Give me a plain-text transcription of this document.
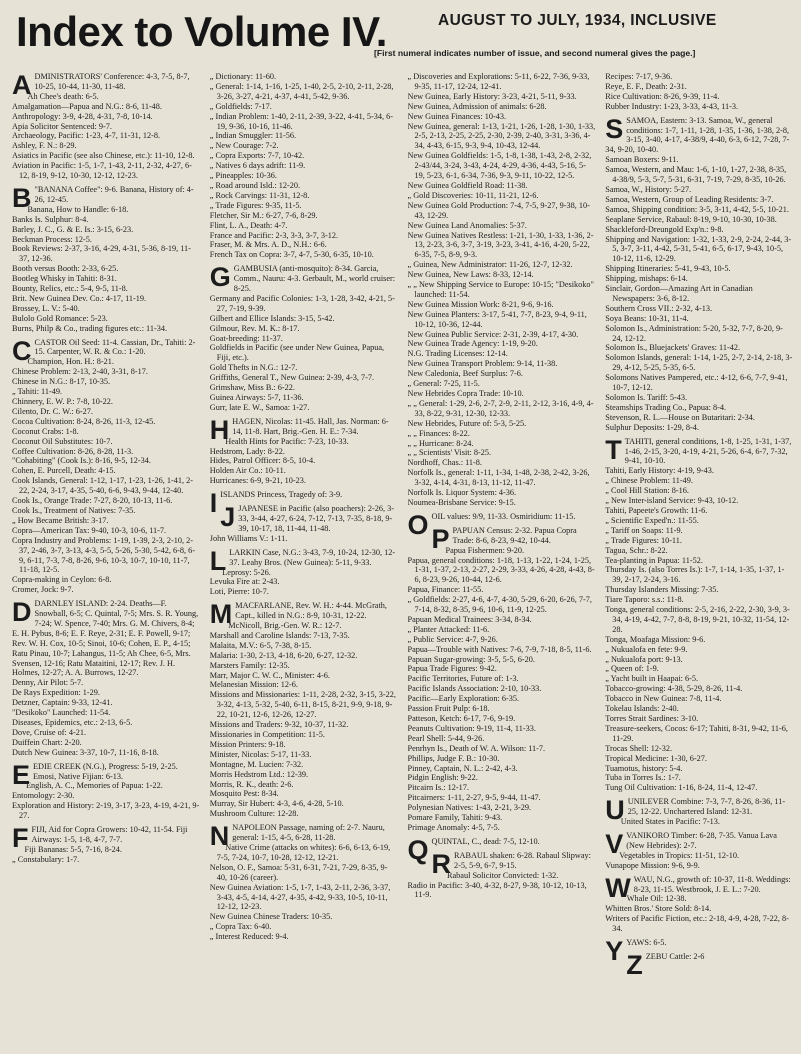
Index to Volume IV.	AUGUST TO JULY, 1934, INCLUSIVE
[First numeral indicates number of issue, and second numeral gives the page.]
ADMINISTRATORS' Conference: 4-3, 7-5, 8-7, 10-25, 10-44, 11-30, 11-48.
Ah Chee's death: 6-5.
Amalgamation—Papua and N.G.: 8-6, 11-48.
Anthropology: 3-9, 4-28, 4-31, 7-8, 10-14.
Apia Solicitor Sentenced: 9-7.
Archaeology, Pacific: 1-23, 4-7, 11-31, 12-8.
Ashley, F. N.: 8-29.
Asiatics in Pacific (see also Chinese, etc.): 11-10, 12-8.
Aviation in Pacific: 1-5, 1-7, 1-43, 2-11, 2-32, 4-27, 6-12, 8-19, 9-12, 10-30, 12-12, 12-23.
B "BANANA Coffee": 9-6. Banana, History of: 4-26, 12-45.
Banana, How to Handle: 6-18.
Banks Is. Sulphur: 8-4.
Barley, J. C., G. & E. Is.: 3-15, 6-23.
Beckman Process: 12-5.
Book Reviews: 2-37, 3-16, 4-29, 4-31, 5-36, 8-19, 11-37, 12-36.
Booth versus Booth: 2-33, 6-25.
Bootleg Whisky in Tahiti: 8-31.
Bounty, Relics, etc.: 5-4, 9-5, 11-8.
Brit. New Guinea Dev. Co.: 4-17, 11-19.
Brossey, L. V.: 5-40.
Bulolo Gold Romance: 5-23.
Burns, Philp & Co., trading figures etc.: 11-34.
CCASTOR Oil Seed: 11-4. Cassian, Dr., Tahiti: 2-15. Carpenter, W. R. & Co.: 1-20.
Champion, Hon. H.: 8-21.
Chinese Problem: 2-13, 2-40, 3-31, 8-17.
Chinese in N.G.: 8-17, 10-35.
„ Tahiti: 11-49.
Chinnery, E. W. P.: 7-8, 10-22.
Cilento, Dr. C. W.: 6-27.
Cocoa Cultivation: 8-24, 8-26, 11-3, 12-45.
Coconut Crabs: 1-8.
Coconut Oil Substitutes: 10-7.
Coffee Cultivation: 8-26, 8-28, 11-3.
"Cohabiting" (Cook Is.): 8-16, 9-5, 12-34.
Cohen, E. Purcell, Death: 4-15.
Cook Islands, General: 1-12, 1-17, 1-23, 1-26, 1-41, 2-22, 2-24, 3-17, 4-35, 5-40, 6-6, 9-43, 9-44, 12-40.
Cook Is., Orange Trade: 7-27, 8-20, 10-13, 11-6.
Cook Is., Treatment of Natives: 7-35.
„ How Became British: 3-17.
Copra—American Tax: 9-40, 10-3, 10-6, 11-7.
Copra Industry and Problems: 1-19, 1-39, 2-3, 2-10, 2-37, 2-46, 3-7, 3-13, 4-3, 5-5, 5-26, 5-30, 5-42, 6-8, 6-9, 6-11, 7-3, 7-8, 8-26, 9-6, 10-3, 10-7, 10-10, 11-7, 11-18, 12-5.
Copra-making in Ceylon: 6-8.
Cromer, Jock: 9-7.
DDARNLEY ISLAND: 2-24. Deaths—F. Snowball, 6-5; C. Quintal, 7-5; Mrs. S. R. Young, 7-24; W. Spence, 7-40; Mrs. G. M. Chivers, 8-4; E. H. Pybus, 8-6; E. F. Reye, 2-31; E. F. Powell, 9-17; Rev. W. H. Cox, 10-5; Sinoi, 10-6; Cohen, E. P., 4-15; Ratu Pinau, 10-7; Lahangus, 11-5; Ah Chee, 6-5, Mrs. Svensen, 12-16; Ratu Mataitini, 12-17; Rev. J. H. Holmes, 12-27; A. A. Burrows, 12-27.
Denny, Air Pilot: 5-7.
De Rays Expedition: 1-29.
Detzner, Captain: 9-33, 12-41.
"Desikoko" Launched: 11-54.
Diseases, Epidemics, etc.: 2-13, 6-5.
Dove, Cruise of: 4-21.
Duiffein Chart: 2-20.
Dutch New Guinea: 3-37, 10-7, 11-16, 8-18.
EEDIE CREEK (N.G.), Progress: 5-19, 2-25. Emosi, Native Fijian: 6-13.
English, A. C., Memories of Papua: 1-22.
Entomology: 2-30.
Exploration and History: 2-19, 3-17, 3-23, 4-19, 4-21, 9-27.
FFIJI, Aid for Copra Growers: 10-42, 11-54. Fiji Airways: 1-5, 1-8, 4-7, 7-7.
Fiji Bananas: 5-5, 7-16, 8-24.
„ Constabulary: 1-7.
„ Dictionary: 11-60.
„ General: 1-14, 1-16, 1-25, 1-40, 2-5, 2-10, 2-11, 2-28, 3-26, 3-27, 4-21, 4-37, 4-41, 5-42, 9-36.
„ Goldfields: 7-17.
„ Indian Problem: 1-40, 2-11, 2-39, 3-22, 4-41, 5-34, 6-19, 9-36, 10-16, 11-46.
„ Indian Smuggler: 11-56.
„ New Courage: 7-2.
„ Copra Exports: 7-7, 10-42.
„ Natives 6 days adrift: 11-9.
„ Pineapples: 10-36.
„ Road around Isld.: 12-20.
„ Rock Carvings: 11-31, 12-8.
„ Trade Figures: 9-35, 11-5.
Fletcher, Sir M.: 6-27, 7-6, 8-29.
Flint, L. A., Death: 4-7.
France and Pacific: 2-3, 3-3, 3-7, 3-12.
Fraser, M. & Mrs. A. D., N.H.: 6-6.
French Tax on Copra: 3-7, 4-7, 5-30, 6-35, 10-10.
GGAMBUSIA (anti-mosquito): 8-34. Garcia, Comm., Nauru: 4-3. Gerbault, M., world cruiser: 8-25.
Germany and Pacific Colonies: 1-3, 1-28, 3-42, 4-21, 5-27, 7-19, 9-39.
Gilbert and Ellice Islands: 3-15, 5-42.
Gilmour, Rev. M. K.: 8-17.
Goat-breeding: 11-37.
Goldfields in Pacific (see under New Guinea, Papua, Fiji, etc.).
Gold Thefts in N.G.: 12-7.
Griffiths, General T., New Guinea: 2-39, 4-3, 7-7.
Grimshaw, Miss B.: 6-22.
Guinea Airways: 5-7, 11-36.
Gurr, late E. W., Samoa: 1-27.
HHAGEN, Nicolas: 11-45. Hall, Jas. Norman: 6-14, 11-8. Hart, Brig.-Gen. H. E.: 7-34.
Health Hints for Pacific: 7-23, 10-33.
Hedstrom, Lady: 8-22.
Hides, Patrol Officer: 8-5, 10-4.
Holden Air Co.: 10-11.
Hurricanes: 6-9, 9-21, 10-23.
IISLANDS Princess, Tragedy of: 3-9.
JJAPANESE in Pacific (also poachers): 2-26, 3-33, 3-44, 4-27, 6-24, 7-12, 7-13, 7-35, 8-18, 9-39, 10-17, 18, 11-44, 11-48.
John Williams V.: 1-11.
LLARKIN Case, N.G.: 3-43, 7-9, 10-24, 12-30, 12-37. Leahy Bros. (New Guinea): 5-11, 9-33.
Leprosy: 5-26.
Levuka Fire at: 2-43.
Loti, Pierre: 10-7.
MMACFARLANE, Rev. W. H.: 4-44. McGrath, Capt., killed in N.G.: 8-9, 10-31, 12-22.
McNicoll, Brig.-Gen. W. R.: 12-7.
Marshall and Caroline Islands: 7-13, 7-35.
Malaita, M.V.: 6-5, 7-38, 8-15.
Malaria: 1-30, 2-13, 4-18, 6-20, 6-27, 12-32.
Marsters Family: 12-35.
Marr, Major C. W. C., Minister: 4-6.
Melanesian Mission: 12-6.
Missions and Missionaries: 1-11, 2-28, 2-32, 3-15, 3-22, 3-32, 4-13, 5-32, 5-40, 6-11, 8-15, 8-21, 9-9, 9-18, 9-22, 10-21, 12-6, 12-26, 12-27.
Missions and Traders: 9-32, 10-37, 11-32.
Missionaries in Competition: 11-5.
Mission Printers: 9-18.
Minister, Nicolas: 5-17, 11-33.
Montagne, M. Lucien: 7-32.
Morris Hedstrom Ltd.: 12-39.
Morris, R. K., death: 2-6.
Mosquito Pest: 8-34.
Murray, Sir Hubert: 4-3, 4-6, 4-28, 5-10.
Mushroom Culture: 12-28.
NNAPOLEON Passage, naming of: 2-7. Nauru, general: 1-15, 4-5, 6-28, 11-28.
Native Crime (attacks on whites): 6-6, 6-13, 6-19, 7-5, 7-24, 10-7, 10-28, 12-12, 12-21.
Nelson, O. F., Samoa: 5-31, 6-31, 7-21, 7-29, 8-35, 9-40, 10-26 (career).
New Guinea Aviation: 1-5, 1-7, 1-43, 2-11, 2-36, 3-37, 3-43, 4-5, 4-14, 4-27, 4-35, 4-42, 9-33, 10-5, 10-11, 12-12, 12-23.
New Guinea Chinese Traders: 10-35.
„ Copra Tax: 6-40.
„ Interest Reduced: 9-4.
„ Discoveries and Explorations: 5-11, 6-22, 7-36, 9-33, 9-35, 11-17, 12-24, 12-41.
New Guinea, Early History: 3-23, 4-21, 5-11, 9-33.
New Guinea, Admission of animals: 6-28.
New Guinea Finances: 10-43.
New Guinea, general: 1-13, 1-21, 1-26, 1-28, 1-30, 1-33, 2-5, 2-13, 2-25, 2-25, 2-30, 2-39, 2-40, 3-31, 3-36, 4-34, 4-43, 6-15, 9-3, 9-4, 10-43, 12-44.
New Guinea Goldfields: 1-5, 1-8, 1-38, 1-43, 2-8, 2-32, 2-43/44, 3-24, 3-43, 4-24, 4-29, 4-36, 4-43, 5-16, 5-19, 5-23, 6-1, 6-34, 7-36, 9-3, 9-11, 10-22, 12-5.
New Guinea Goldfield Road: 11-38.
„ Gold Discoveries: 10-11, 11-21, 12-6.
New Guinea Gold Production: 7-4, 7-5, 9-27, 9-38, 10-43, 12-29.
New Guinea Land Anomalies: 5-37.
New Guinea Natives Restless: 1-21, 1-30, 1-33, 1-36, 2-13, 2-23, 3-6, 3-7, 3-19, 3-23, 3-41, 4-16, 4-20, 5-22, 6-35, 7-5, 8-9, 9-3.
„ Guinea, New Administrator: 11-26, 12-7, 12-32.
New Guinea, New Laws: 8-33, 12-14.
„ „ New Shipping Service to Europe: 10-15; "Desikoko" launched: 11-54.
New Guinea Mission Work: 8-21, 9-6, 9-16.
New Guinea Planters: 3-17, 5-41, 7-7, 8-23, 9-4, 9-11, 10-12, 10-36, 12-44.
New Guinea Public Service: 2-31, 2-39, 4-17, 4-30.
New Guinea Trade Agency: 1-19, 9-20.
N.G. Trading Licenses: 12-14.
New Guinea Transport Problem: 9-14, 11-38.
New Caledonia, Beef Surplus: 7-6.
„ General: 7-25, 11-5.
New Hebrides Copra Trade: 10-10.
„ „ General: 1-29, 2-6, 2-7, 2-9, 2-11, 2-12, 3-16, 4-9, 4-33, 8-22, 9-31, 12-30, 12-33.
New Hebrides, Future of: 5-3, 5-25.
„ „ Finances: 8-22.
„ „ Hurricane: 8-24.
„ „ Scientists' Visit: 8-25.
Nordhoff, Chas.: 11-8.
Norfolk Is., general: 1-11, 1-34, 1-48, 2-38, 2-42, 3-26, 3-32, 4-14, 4-31, 8-13, 11-12, 11-47.
Norfolk Is. Liquor System: 4-36.
Noumea-Brisbane Service: 9-15.
OOIL values: 9/9, 11-33. Osmiridium: 11-15.
PPAPUAN Census: 2-32. Papua Copra Trade: 8-6, 8-23, 9-42, 10-44.
Papua Fishermen: 9-20.
Papua, general conditions: 1-18, 1-13, 1-22, 1-24, 1-25, 1-31, 1-37, 2-13, 2-27, 2-29, 3-33, 4-26, 4-28, 4-43, 8-6, 8-23, 9-26, 10-44, 12-6.
Papua, Finance: 11-55.
„ Goldfields: 2-27, 4-6, 4-7, 4-30, 5-29, 6-20, 6-26, 7-7, 7-14, 8-32, 8-35, 9-6, 10-6, 11-9, 12-25.
Papuan Medical Trainees: 3-34, 8-34.
„ Planter Attacked: 11-6.
„ Public Service: 4-7, 9-26.
Papua—Trouble with Natives: 7-6, 7-9, 7-18, 8-5, 11-6.
Papuan Sugar-growing: 3-5, 5-5, 6-20.
Papua Trade Figures: 9-42.
Pacific Territories, Future of: 1-3.
Pacific Islands Association: 2-10, 10-33.
Pacific—Early Exploration: 6-35.
Passion Fruit Pulp: 6-18.
Patteson, Ketch: 6-17, 7-6, 9-19.
Peanuts Cultivation: 9-19, 11-4, 11-33.
Pearl Shell: 5-44, 9-26.
Penrhyn Is., Death of W. A. Wilson: 11-7.
Phillips, Judge F. B.: 10-30.
Pinney, Captain, N. L.: 2-42, 4-3.
Pidgin English: 9-22.
Pitcairn Is.: 12-17.
Pitcairners: 1-11, 2-27, 9-5, 9-44, 11-47.
Polynesian Natives: 1-43, 2-21, 3-29.
Pomare Family, Tahiti: 9-43.
Primage Anomaly: 4-5, 7-5.
QQUINTAL, C., dead: 7-5, 12-10.
RRABAUL shaken: 6-28. Rabaul Slipway: 2-5, 5-9, 6-7, 9-15.
Rabaul Solicitor Convicted: 1-32.
Radio in Pacific: 3-40, 4-32, 8-27, 9-38, 10-12, 10-13, 11-9.
Recipes: 7-17, 9-36.
Reye, E. F., Death: 2-31.
Rice Cultivation: 8-26, 9-39, 11-4.
Rubber Industry: 1-23, 3-33, 4-43, 11-3.
SSAMOA, Eastern: 3-13. Samoa, W., general conditions: 1-7, 1-11, 1-28, 1-35, 1-36, 1-38, 2-8, 3-15, 3-40, 4-17, 4-38/9, 4-40, 6-3, 6-12, 7-28, 7-34, 9-20, 10-40.
Samoan Boxers: 9-11.
Samoa, Western, and Mau: 1-6, 1-10, 1-27, 2-38, 8-35, 4-38/9, 5-3, 5-7, 5-31, 6-31, 7-19, 7-29, 8-35, 10-26.
Samoa, W., History: 5-27.
Samoa, Western, Group of Leading Residents: 3-7.
Samoa, Shipping condition: 3-5, 3-11, 4-42, 5-5, 10-21.
Seaplane Service, Rabaul: 8-19, 9-10, 10-30, 10-38.
Shackleford-Dreungold Exp'n.: 9-8.
Shipping and Navigation: 1-32, 1-33, 2-9, 2-24, 2-44, 3-5, 3-7, 3-11, 4-42, 5-31, 5-41, 6-5, 6-17, 9-43, 10-5, 10-12, 11-6, 12-29.
Shipping Itineraries: 5-41, 9-43, 10-5.
Shipping, mishaps: 6-14.
Sinclair, Gordon—Amazing Art in Canadian Newspapers: 3-6, 8-12.
Southern Cross VII.: 2-32, 4-13.
Soya Beans: 10-31, 11-4.
Solomon Is., Administration: 5-20, 5-32, 7-7, 8-20, 9-24, 12-12.
Solomon Is., Bluejackets' Graves: 11-42.
Solomon Islands, general: 1-14, 1-25, 2-7, 2-14, 2-18, 3-29, 4-12, 5-25, 5-35, 6-5.
Solomons Natives Pampered, etc.: 4-12, 6-6, 7-7, 9-41, 10-7, 12-12.
Solomon Is. Tariff: 5-43.
Steamships Trading Co., Papua: 8-4.
Stevenson, R. L.—House on Butaritari: 2-34.
Sulphur Deposits: 1-29, 8-4.
TTAHITI, general conditions, 1-8, 1-25, 1-31, 1-37, 1-46, 2-15, 3-20, 4-19, 4-21, 5-26, 6-4, 6-7, 7-32, 9-41, 10-10.
Tahiti, Early History: 4-19, 9-43.
„ Chinese Problem: 11-49.
„ Cool Hill Station: 8-16.
„ New Inter-island Service: 9-43, 10-12.
Tahiti, Papeete's Growth: 11-6.
„ Scientific Exped'n.: 11-55.
„ Tariff on Soaps: 11-9.
„ Trade Figures: 10-11.
Tagua, Schr.: 8-22.
Tea-planting in Papua: 11-52.
Thursday Is. (also Torres Is.): 1-7, 1-14, 1-35, 1-37, 1-39, 2-17, 2-24, 3-16.
Thursday Islanders Missing: 7-35.
Tiare Taporo: s.s.: 11-8.
Tonga, general conditions: 2-5, 2-16, 2-22, 2-30, 3-9, 3-34, 4-19, 4-42, 7-7, 8-8, 8-19, 9-21, 10-32, 11-54, 12-28.
Tonga, Moafaga Mission: 9-6.
„ Nukualofa en fete: 9-9.
„ Nukualofa port: 9-13.
„ Queen of: 1-9.
„ Yacht built in Haapai: 6-5.
Tobacco-growing: 4-38, 5-29, 8-26, 11-4.
Tobacco in New Guinea: 7-8, 11-4.
Tokelau Islands: 2-40.
Torres Strait Sardines: 3-10.
Treasure-seekers, Cocos: 6-17; Tahiti, 8-31, 9-42, 11-6, 11-29.
Trocas Shell: 12-32.
Tropical Medicine: 1-30, 6-27.
Tuamotus, history: 5-4.
Tuba in Torres Is.: 1-7.
Tung Oil Cultivation: 1-16, 8-24, 11-4, 12-47.
UUNILEVER Combine: 7-3, 7-7, 8-26, 8-36, 11-25, 12-22. Unchartered Island: 12-31.
United States in Pacific: 7-13.
VVANIKORO Timber: 6-28, 7-35. Vanua Lava (New Hebrides): 2-7.
Vegetables in Tropics: 11-51, 12-10.
Vunapope Mission: 9-6, 9-9.
WWAU, N.G., growth of: 10-37, 11-8. Weddings: 8-23, 11-15. Westbrook, J. E. L.: 7-20.
Whale Oil: 12-38.
Whitten Bros.' Store Sold: 8-14.
Writers of Pacific Fiction, etc.: 2-18, 4-9, 4-28, 7-22, 8-34.
YYAWS: 6-5.
ZZEBU Cattle: 2-6
